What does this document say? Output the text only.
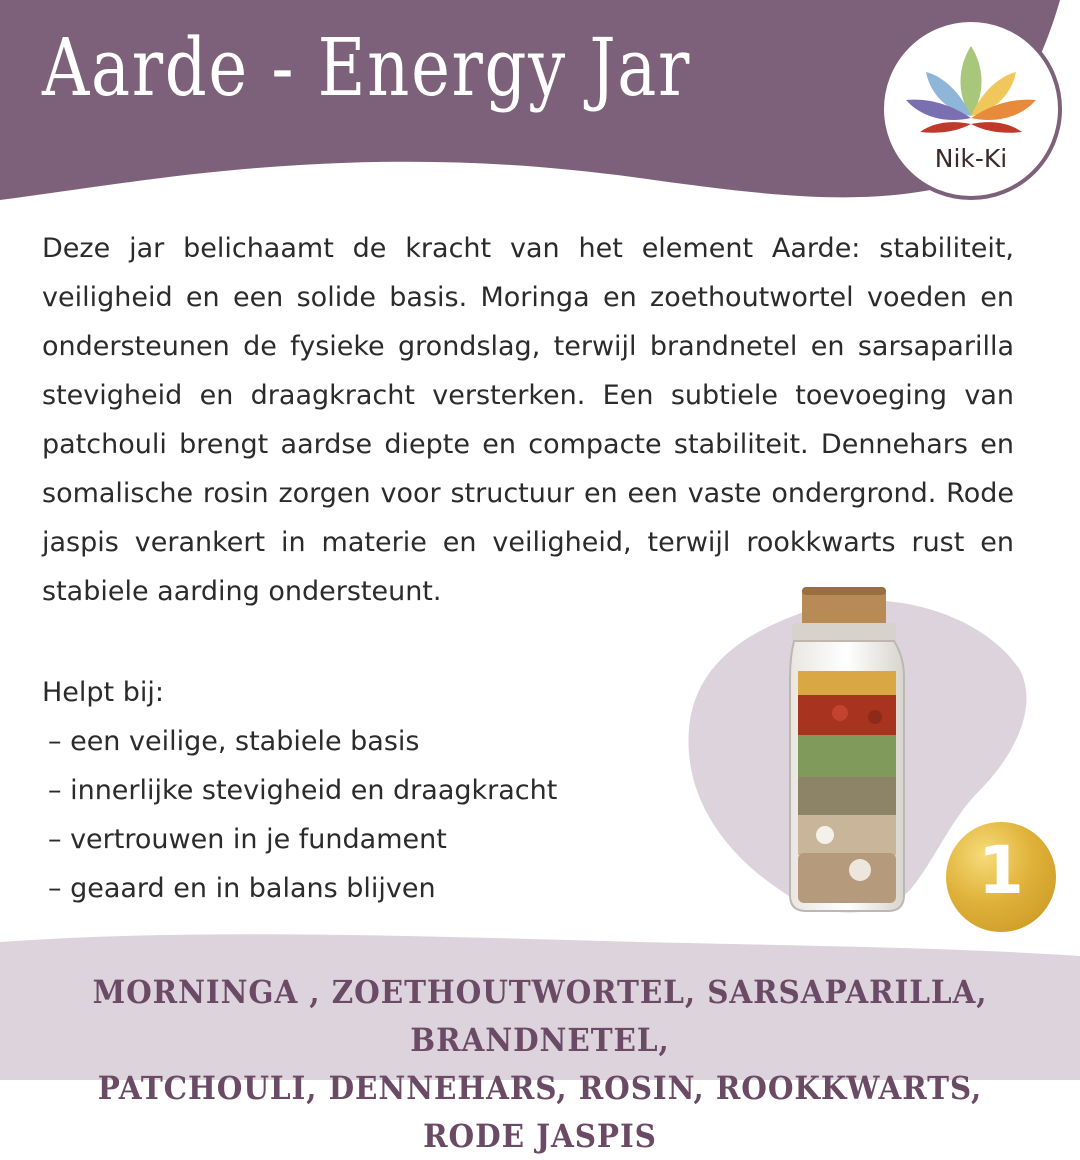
Aarde - Energy Jar
Nik-Ki

Deze jar belichaamt de kracht van het element Aarde: stabiliteit, veiligheid en een solide basis. Moringa en zoethoutwortel voeden en ondersteunen de fysieke grondslag, terwijl brandnetel en sarsaparilla stevigheid en draagkracht versterken. Een subtiele toevoeging van patchouli brengt aardse diepte en compacte stabiliteit. Dennehars en somalische rosin zorgen voor structuur en een vaste ondergrond. Rode jaspis verankert in materie en veiligheid, terwijl rookkwarts rust en stabiele aarding ondersteunt.

Helpt bij:
– een veilige, stabiele basis
– innerlijke stevigheid en draagkracht
– vertrouwen in je fundament
– geaard en in balans blijven	1
MORNINGA , ZOETHOUTWORTEL, SARSAPARILLA, BRANDNETEL,
PATCHOULI, DENNEHARS, ROSIN, ROOKKWARTS, RODE JASPIS
